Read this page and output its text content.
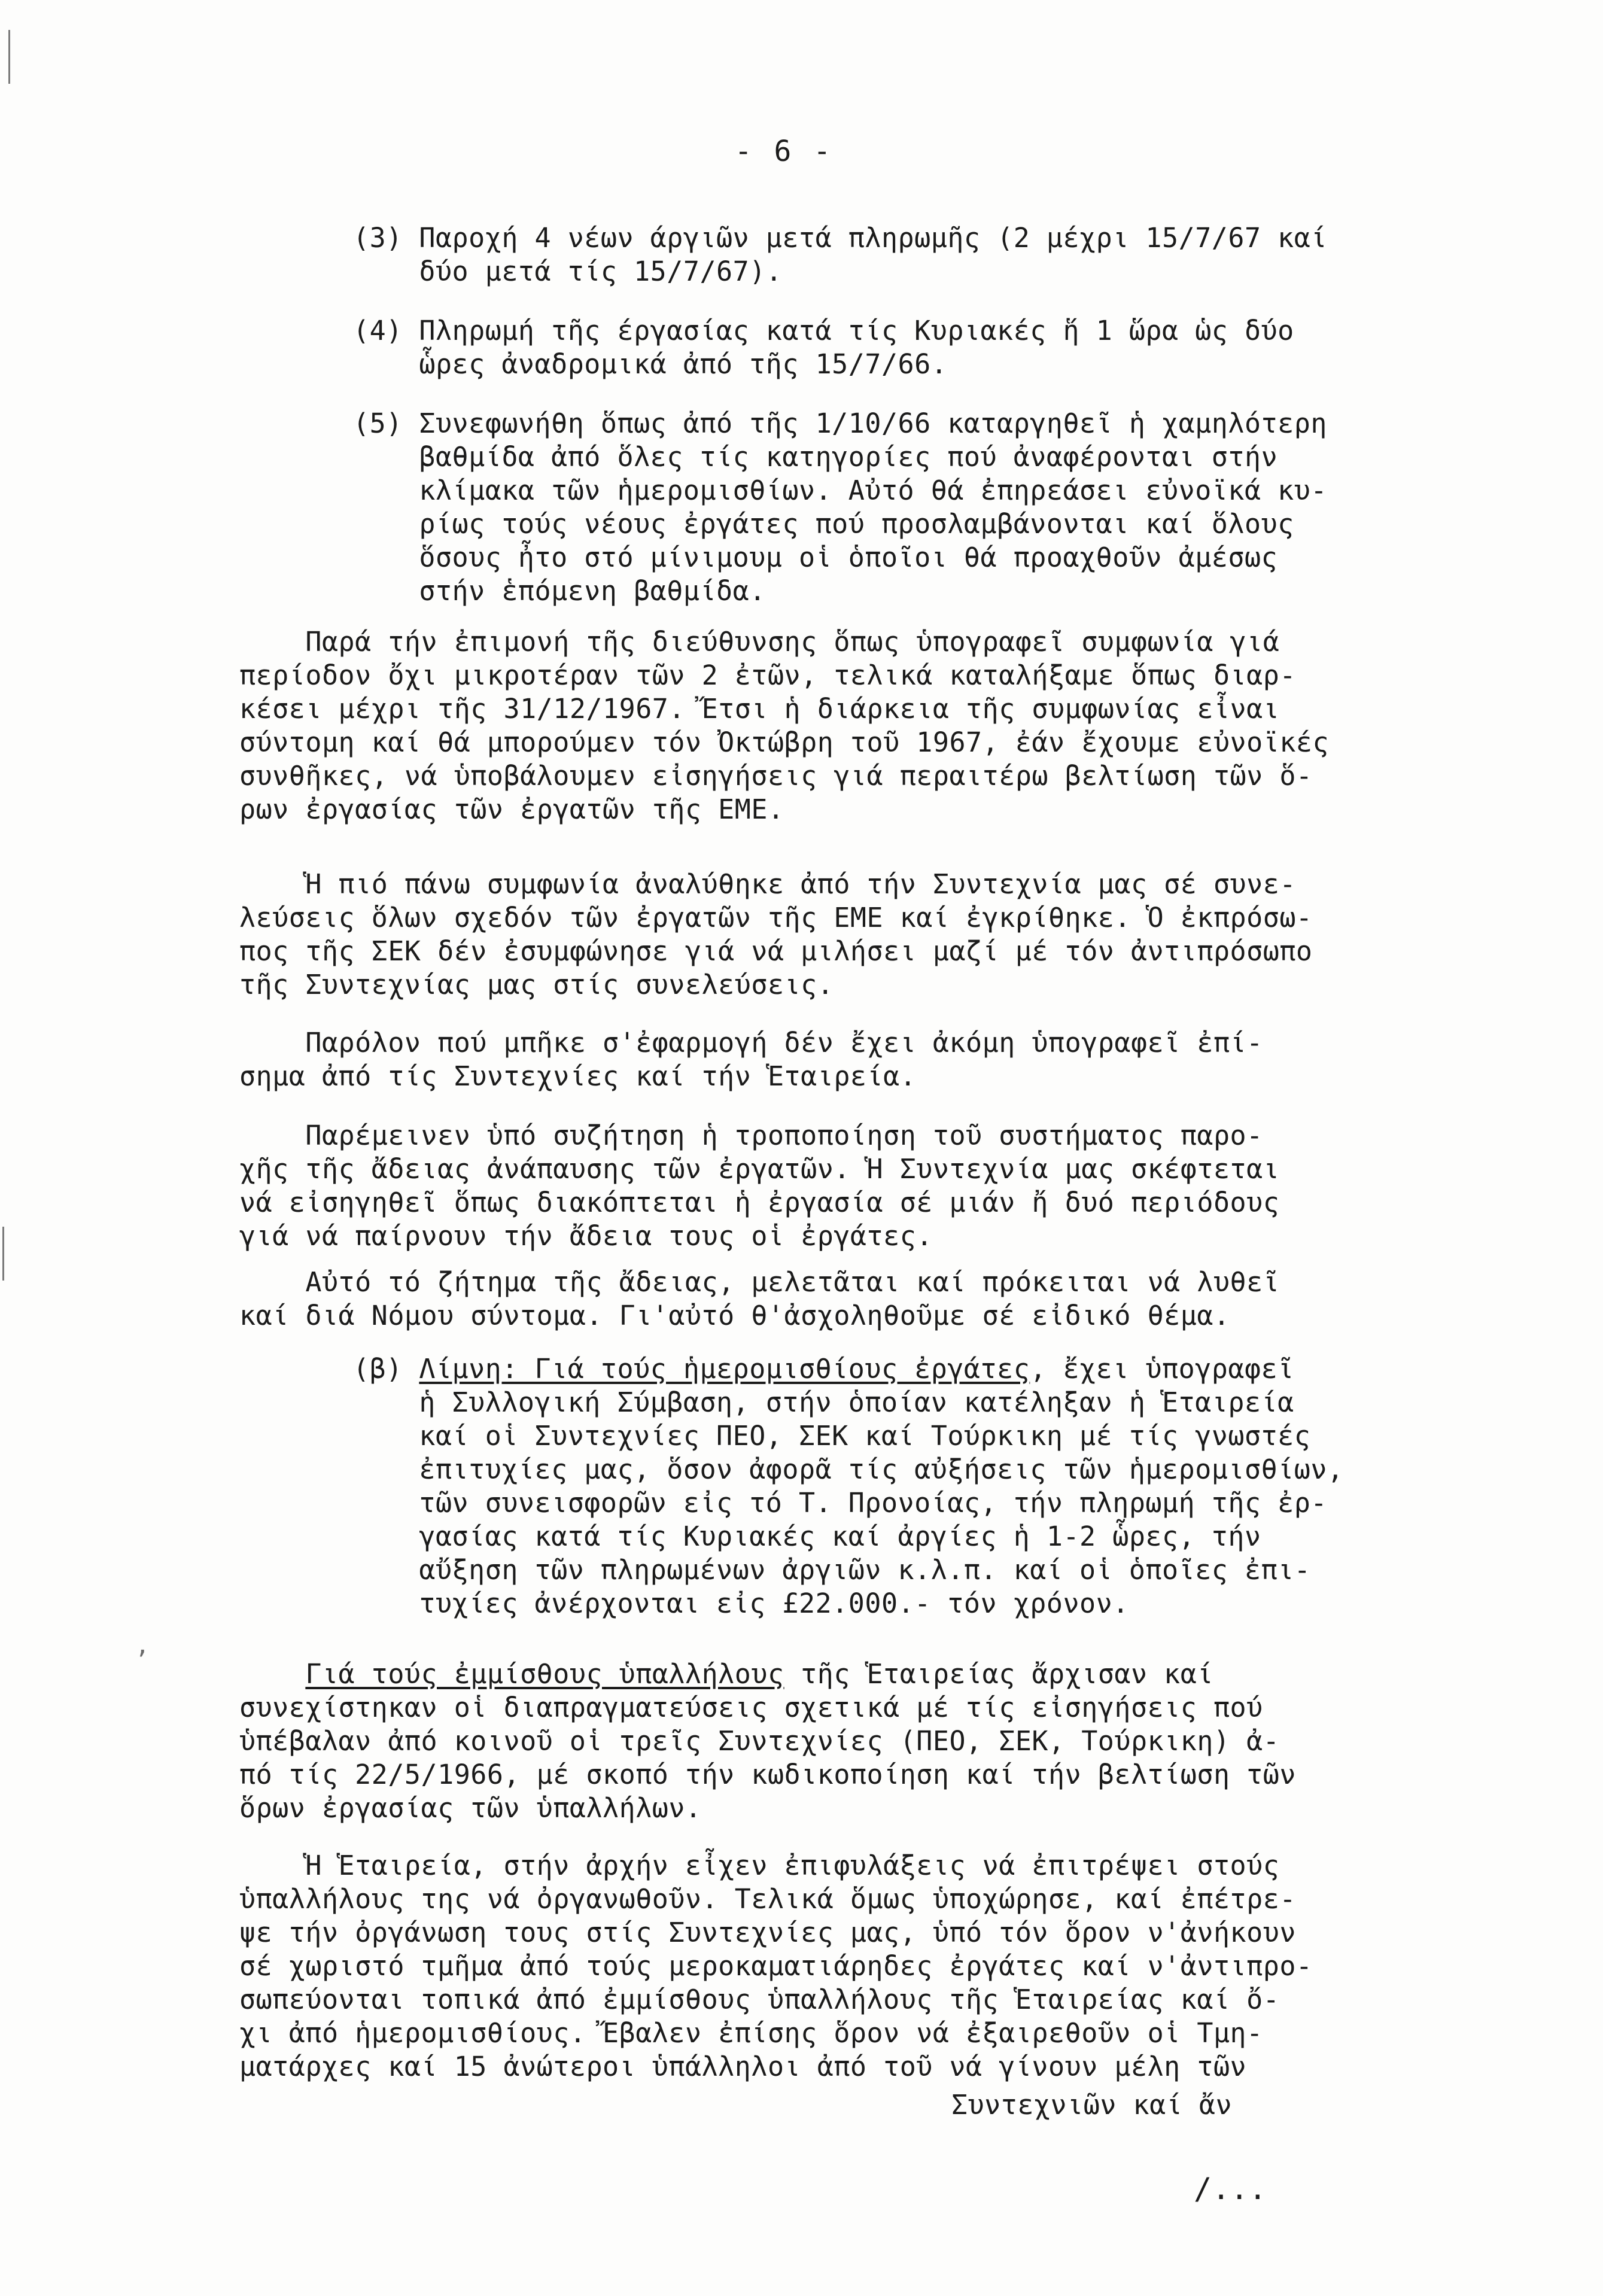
‚
- 6 -

(3) Παροχή 4 νέων άργιῶν μετά πληρωμῆς (2 μέχρι 15/7/67 καί
δύο μετά τίς 15/7/67).

(4) Πληρωμή τῆς έργασίας κατά τίς Κυριακές ἥ 1 ὥρα ὡς δύο
ὧρες ἀναδρομικά ἀπό τῆς 15/7/66.

(5) Συνεφωνήθη ὅπως ἀπό τῆς 1/10/66 καταργηθεῖ ἡ χαμηλότερη
βαθμίδα ἀπό ὅλες τίς κατηγορίες πού ἀναφέρονται στήν
κλίμακα τῶν ἡμερομισθίων. Αὐτό θά ἐπηρεάσει εὐνοϊκά κυ-
ρίως τούς νέους ἐργάτες πού προσλαμβάνονται καί ὅλους
ὅσους ἦτο στό μίνιμουμ οἱ ὁποῖοι θά προαχθοῦν ἀμέσως
στήν ἑπόμενη βαθμίδα.

Παρά τήν ἐπιμονή τῆς διεύθυνσης ὅπως ὑπογραφεῖ συμφωνία γιά
περίοδον ὄχι μικροτέραν τῶν 2 ἐτῶν, τελικά καταλήξαμε ὅπως διαρ-
κέσει μέχρι τῆς 31/12/1967. Ἔτσι ἡ διάρκεια τῆς συμφωνίας εἶναι
σύντομη καί θά μπορούμεν τόν Ὀκτώβρη τοῦ 1967, ἐάν ἔχουμε εὐνοϊκές
συνθῆκες, νά ὑποβάλουμεν εἰσηγήσεις γιά περαιτέρω βελτίωση τῶν ὅ-
ρων ἐργασίας τῶν ἐργατῶν τῆς ΕΜΕ.

Ἡ πιό πάνω συμφωνία ἀναλύθηκε ἀπό τήν Συντεχνία μας σέ συνε-
λεύσεις ὅλων σχεδόν τῶν ἐργατῶν τῆς ΕΜΕ καί ἐγκρίθηκε. Ὁ ἐκπρόσω-
πος τῆς ΣΕΚ δέν ἐσυμφώνησε γιά νά μιλήσει μαζί μέ τόν ἀντιπρόσωπο
τῆς Συντεχνίας μας στίς συνελεύσεις.

Παρόλον πού μπῆκε σ'ἐφαρμογή δέν ἔχει ἀκόμη ὑπογραφεῖ ἐπί-
σημα ἀπό τίς Συντεχνίες καί τήν Ἑταιρεία.

Παρέμεινεν ὑπό συζήτηση ἡ τροποποίηση τοῦ συστήματος παρο-
χῆς τῆς ἄδειας ἀνάπαυσης τῶν ἐργατῶν. Ἡ Συντεχνία μας σκέφτεται
νά εἰσηγηθεῖ ὅπως διακόπτεται ἡ ἐργασία σέ μιάν ἤ δυό περιόδους
γιά νά παίρνουν τήν ἄδεια τους οἱ ἐργάτες.

Αὐτό τό ζήτημα τῆς ἄδειας, μελετᾶται καί πρόκειται νά λυθεῖ
καί διά Νόμου σύντομα. Γι'αὐτό θ'ἀσχοληθοῦμε σέ εἰδικό θέμα.

(β) Λίμνη: Γιά τούς ἡμερομισθίους ἐργάτες, ἔχει ὑπογραφεῖ
ἡ Συλλογική Σύμβαση, στήν ὁποίαν κατέληξαν ἡ Ἑταιρεία
καί οἱ Συντεχνίες ΠΕΟ, ΣΕΚ καί Τούρκικη μέ τίς γνωστές
ἐπιτυχίες μας, ὅσον ἀφορᾶ τίς αὐξήσεις τῶν ἡμερομισθίων,
τῶν συνεισφορῶν εἰς τό Τ. Προνοίας, τήν πληρωμή τῆς ἐρ-
γασίας κατά τίς Κυριακές καί ἀργίες ἡ 1-2 ὧρες, τήν
αὔξηση τῶν πληρωμένων ἀργιῶν κ.λ.π. καί οἱ ὁποῖες ἐπι-
τυχίες ἀνέρχονται εἰς £22.000.- τόν χρόνον.

Γιά τούς ἐμμίσθους ὑπαλλήλους τῆς Ἑταιρείας ἄρχισαν καί
συνεχίστηκαν οἱ διαπραγματεύσεις σχετικά μέ τίς εἰσηγήσεις πού
ὑπέβαλαν ἀπό κοινοῦ οἱ τρεῖς Συντεχνίες (ΠΕΟ, ΣΕΚ, Τούρκικη) ἀ-
πό τίς 22/5/1966, μέ σκοπό τήν κωδικοποίηση καί τήν βελτίωση τῶν
ὅρων ἐργασίας τῶν ὑπαλλήλων.

Ἡ Ἑταιρεία, στήν ἀρχήν εἶχεν ἐπιφυλάξεις νά ἐπιτρέψει στούς
ὑπαλλήλους της νά ὀργανωθοῦν. Τελικά ὅμως ὑποχώρησε, καί ἐπέτρε-
ψε τήν ὀργάνωση τους στίς Συντεχνίες μας, ὑπό τόν ὅρον ν'ἀνήκουν
σέ χωριστό τμῆμα ἀπό τούς μεροκαματιάρηδες ἐργάτες καί ν'ἀντιπρο-
σωπεύονται τοπικά ἀπό ἐμμίσθους ὑπαλλήλους τῆς Ἑταιρείας καί ὄ-
χι ἀπό ἡμερομισθίους. Ἔβαλεν ἐπίσης ὅρον νά ἐξαιρεθοῦν οἱ Τμη-
ματάρχες καί 15 ἀνώτεροι ὑπάλληλοι ἀπό τοῦ νά γίνουν μέλη τῶν

Συντεχνιῶν καί ἄν

/...
